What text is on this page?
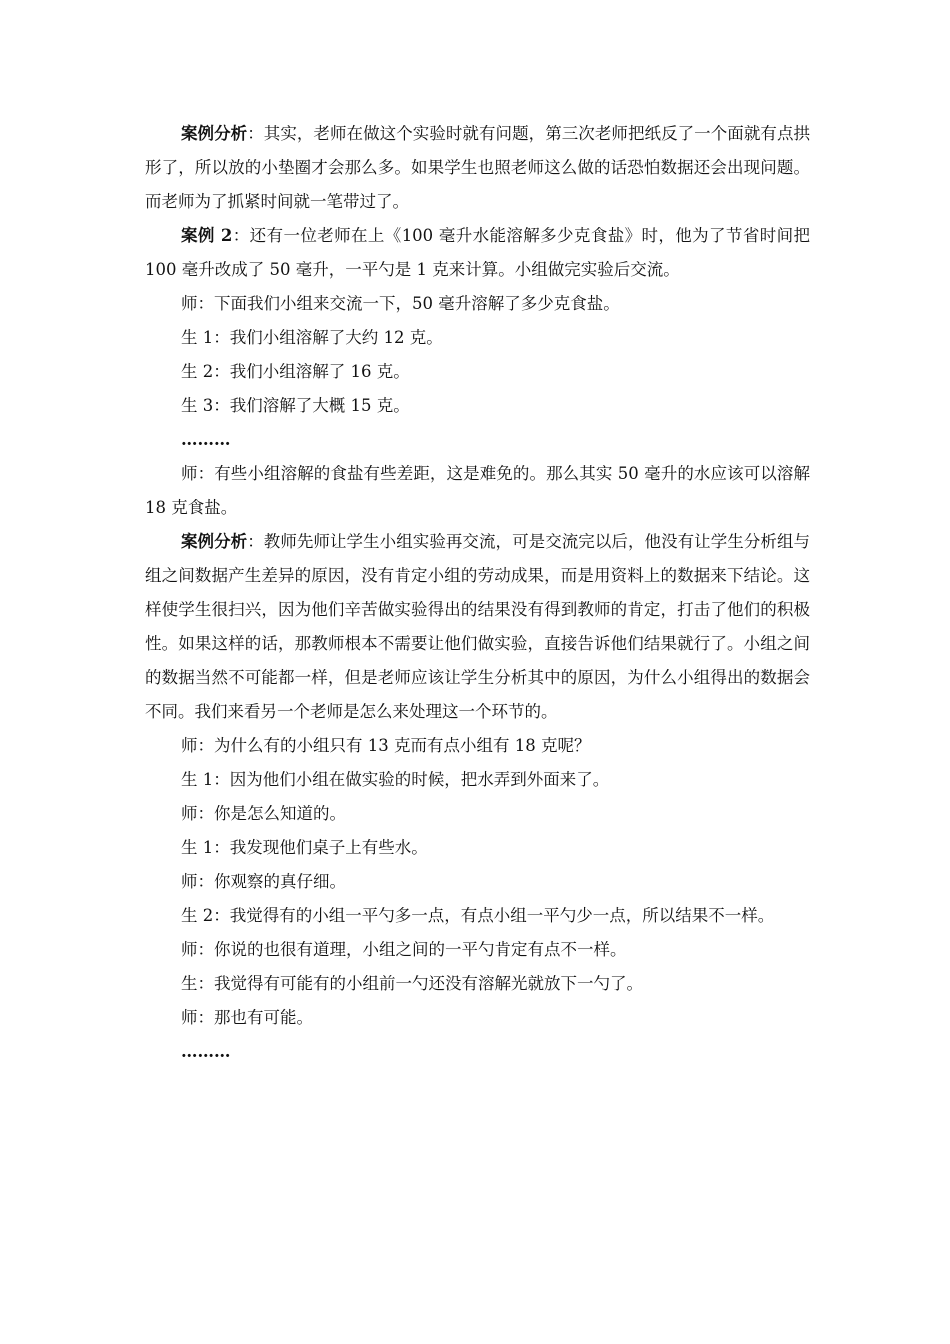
案例分析：其实，老师在做这个实验时就有问题，第三次老师把纸反了一个面就有点拱形了，所以放的小垫圈才会那么多。如果学生也照老师这么做的话恐怕数据还会出现问题。而老师为了抓紧时间就一笔带过了。

案例 2：还有一位老师在上《100 毫升水能溶解多少克食盐》时，他为了节省时间把 100 毫升改成了 50 毫升，一平勺是 1 克来计算。小组做完实验后交流。

师：下面我们小组来交流一下，50 毫升溶解了多少克食盐。

生 1：我们小组溶解了大约 12 克。

生 2：我们小组溶解了 16 克。

生 3：我们溶解了大概 15 克。

………

师：有些小组溶解的食盐有些差距，这是难免的。那么其实 50 毫升的水应该可以溶解 18 克食盐。

案例分析：教师先师让学生小组实验再交流，可是交流完以后，他没有让学生分析组与组之间数据产生差异的原因，没有肯定小组的劳动成果，而是用资料上的数据来下结论。这样使学生很扫兴，因为他们辛苦做实验得出的结果没有得到教师的肯定，打击了他们的积极性。如果这样的话，那教师根本不需要让他们做实验，直接告诉他们结果就行了。小组之间的数据当然不可能都一样，但是老师应该让学生分析其中的原因，为什么小组得出的数据会不同。我们来看另一个老师是怎么来处理这一个环节的。

师：为什么有的小组只有 13 克而有点小组有 18 克呢？

生 1：因为他们小组在做实验的时候，把水弄到外面来了。

师：你是怎么知道的。

生 1：我发现他们桌子上有些水。

师：你观察的真仔细。

生 2：我觉得有的小组一平勺多一点，有点小组一平勺少一点，所以结果不一样。

师：你说的也很有道理，小组之间的一平勺肯定有点不一样。

生：我觉得有可能有的小组前一勺还没有溶解光就放下一勺了。

师：那也有可能。

………
